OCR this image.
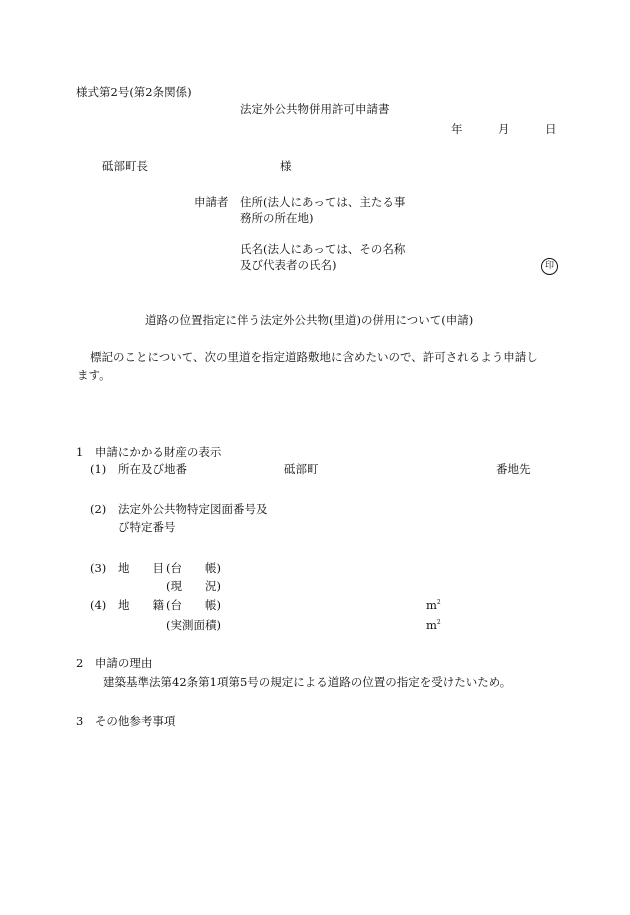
様式第2号(第2条関係)
法定外公共物併用許可申請書
年	月	日
砥部町長	様
申請者 住所(法人にあっては、主たる事
務所の所在地)
氏名(法人にあっては、その名称
及び代表者の氏名)	印
道路の位置指定に伴う法定外公共物(里道)の併用について(申請)
標記のことについて、次の里道を指定道路敷地に含めたいので、許可されるよう申請し
ます。
1　申請にかかる財産の表示
(1) 所在及び地番	砥部町	番地先
(2) 法定外公共物特定図面番号及
び特定番号
(3) 地　　目 (台　　帳)
(現　　況)
(4) 地　　籍 (台　　帳)	$m^2$
(実測面積)	$m^2$
2　申請の理由
建築基準法第42条第1項第5号の規定による道路の位置の指定を受けたいため。
3　その他参考事項
